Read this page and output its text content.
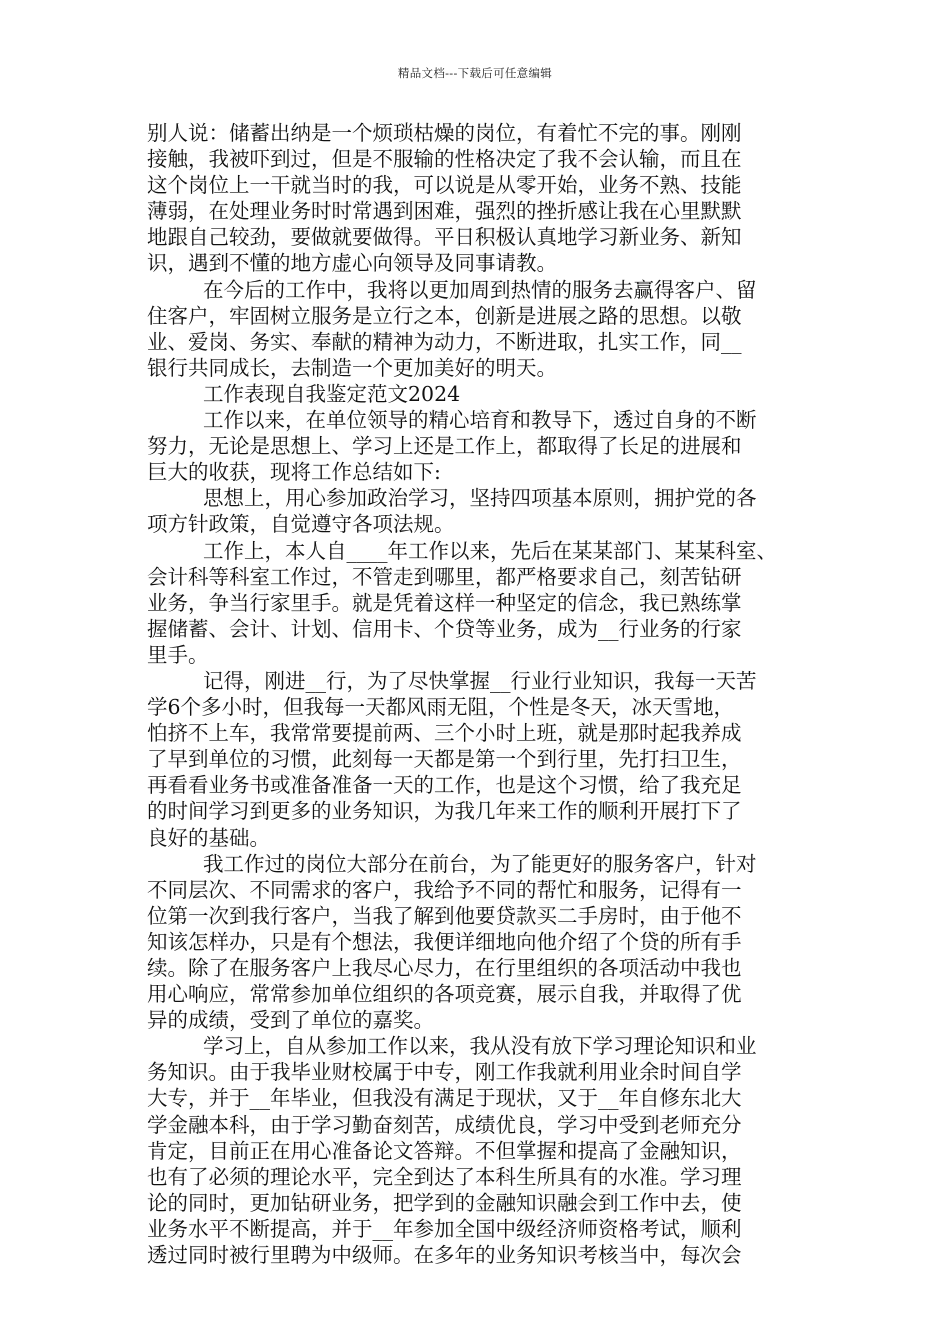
精品文档---下载后可任意编辑
别人说：储蓄出纳是一个烦琐枯燥的岗位，有着忙不完的事。刚刚
接触，我被吓到过，但是不服输的性格决定了我不会认输，而且在
这个岗位上一干就当时的我，可以说是从零开始，业务不熟、技能
薄弱，在处理业务时时常遇到困难，强烈的挫折感让我在心里默默
地跟自己较劲，要做就要做得。平日积极认真地学习新业务、新知
识，遇到不懂的地方虚心向领导及同事请教。
在今后的工作中，我将以更加周到热情的服务去赢得客户、留
住客户，牢固树立服务是立行之本，创新是进展之路的思想。以敬
业、爱岗、务实、奉献的精神为动力，不断进取，扎实工作，同__
银行共同成长，去制造一个更加美好的明天。
工作表现自我鉴定范文2024
工作以来，在单位领导的精心培育和教导下，透过自身的不断
努力，无论是思想上、学习上还是工作上，都取得了长足的进展和
巨大的收获，现将工作总结如下:
思想上，用心参加政治学习，坚持四项基本原则，拥护党的各
项方针政策，自觉遵守各项法规。
工作上，本人自____年工作以来，先后在某某部门、某某科室、
会计科等科室工作过，不管走到哪里，都严格要求自己，刻苦钻研
业务，争当行家里手。就是凭着这样一种坚定的信念，我已熟练掌
握储蓄、会计、计划、信用卡、个贷等业务，成为__行业务的行家
里手。
记得，刚进__行，为了尽快掌握__行业行业知识，我每一天苦
学6个多小时，但我每一天都风雨无阻，个性是冬天，冰天雪地，
怕挤不上车，我常常要提前两、三个小时上班，就是那时起我养成
了早到单位的习惯，此刻每一天都是第一个到行里，先打扫卫生，
再看看业务书或准备准备一天的工作，也是这个习惯，给了我充足
的时间学习到更多的业务知识，为我几年来工作的顺利开展打下了
良好的基础。
我工作过的岗位大部分在前台，为了能更好的服务客户，针对
不同层次、不同需求的客户，我给予不同的帮忙和服务，记得有一
位第一次到我行客户，当我了解到他要贷款买二手房时，由于他不
知该怎样办，只是有个想法，我便详细地向他介绍了个贷的所有手
续。除了在服务客户上我尽心尽力，在行里组织的各项活动中我也
用心响应，常常参加单位组织的各项竞赛，展示自我，并取得了优
异的成绩，受到了单位的嘉奖。
学习上，自从参加工作以来，我从没有放下学习理论知识和业
务知识。由于我毕业财校属于中专，刚工作我就利用业余时间自学
大专，并于__年毕业，但我没有满足于现状，又于__年自修东北大
学金融本科，由于学习勤奋刻苦，成绩优良，学习中受到老师充分
肯定，目前正在用心准备论文答辩。不但掌握和提高了金融知识，
也有了必须的理论水平，完全到达了本科生所具有的水准。学习理
论的同时，更加钻研业务，把学到的金融知识融会到工作中去，使
业务水平不断提高，并于__年参加全国中级经济师资格考试，顺利
透过同时被行里聘为中级师。在多年的业务知识考核当中，每次会
